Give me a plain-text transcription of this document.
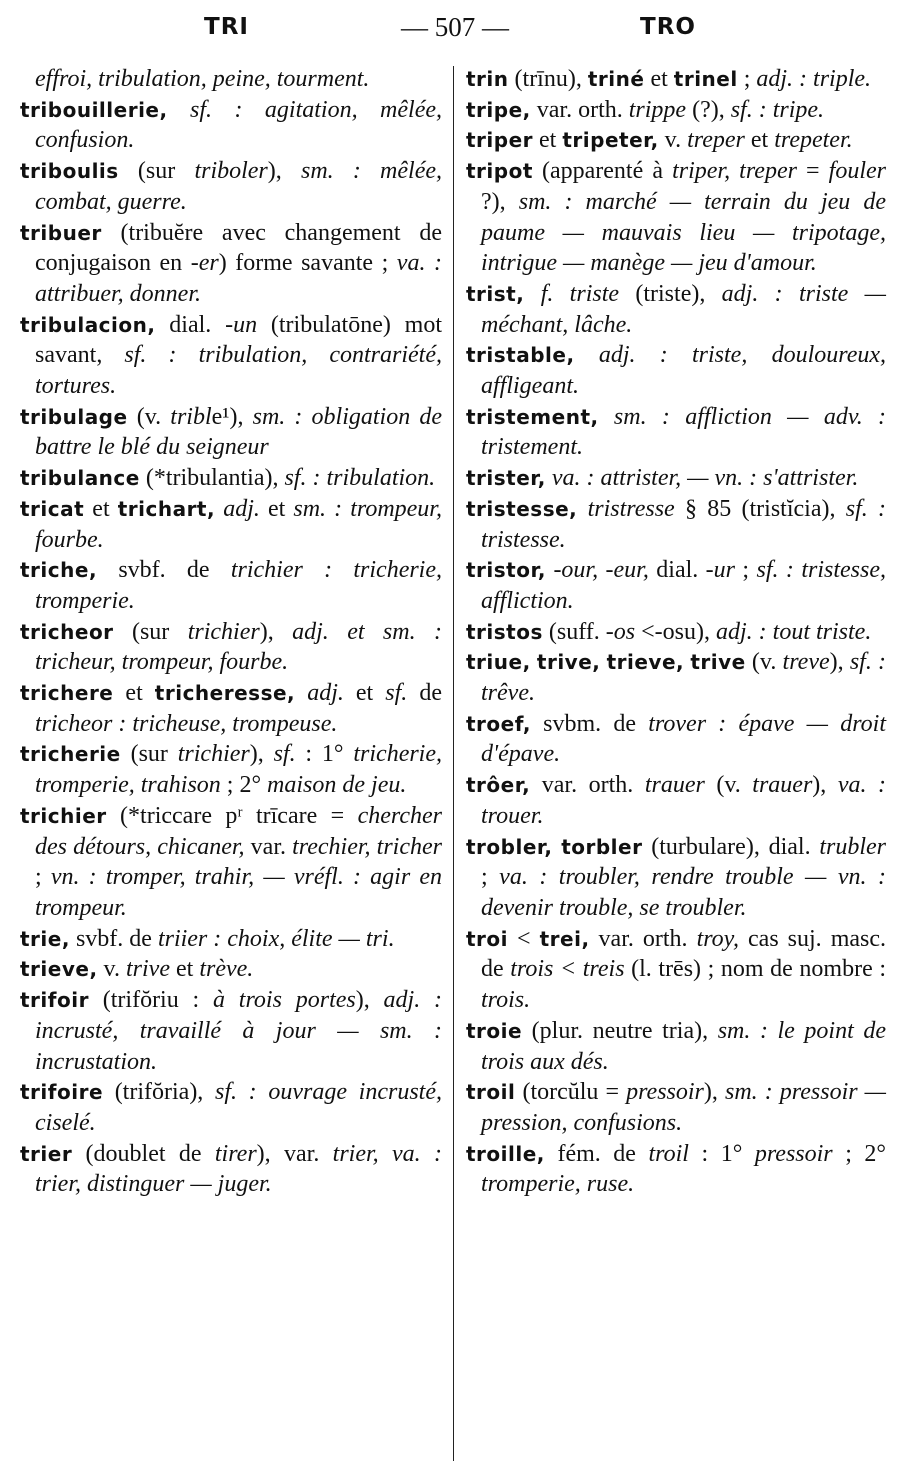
TRI	— 507 —	TRO

effroi, tribulation, peine, tourment.

tribouillerie, sf. : agitation, mêlée, confusion.

triboulis (sur triboler), sm. : mêlée, combat, guerre.

tribuer (tribuĕre avec changement de conjugaison en -er) forme savante ; va. : attribuer, donner.

tribulacion, dial. -un (tribulatōne) mot savant, sf. : tribulation, contrariété, tortures.

tribulage (v. trible¹), sm. : obligation de battre le blé du seigneur

tribulance (*tribulantia), sf. : tribulation.

tricat et trichart, adj. et sm. : trompeur, fourbe.

triche, svbf. de trichier : tricherie, tromperie.

tricheor (sur trichier), adj. et sm. : tricheur, trompeur, fourbe.

trichere et tricheresse, adj. et sf. de tricheor : tricheuse, trompeuse.

tricherie (sur trichier), sf. : 1° tricherie, tromperie, trahison ; 2° maison de jeu.

trichier (*triccare pʳ trīcare = chercher des détours, chicaner, var. trechier, tricher ; vn. : tromper, trahir, — vréfl. : agir en trompeur.

trie, svbf. de triier : choix, élite — tri.

trieve, v. trive et trève.

trifoir (trifŏriu : à trois portes), adj. : incrusté, travaillé à jour — sm. : incrustation.

trifoire (trifŏria), sf. : ouvrage incrusté, ciselé.

trier (doublet de tirer), var. trier, va. : trier, distinguer — juger.

trin (trīnu), triné et trinel ; adj. : triple.

tripe, var. orth. trippe (?), sf. : tripe.

triper et tripeter, v. treper et trepeter.

tripot (apparenté à triper, treper = fouler ?), sm. : marché — terrain du jeu de paume — mauvais lieu — tripotage, intrigue — manège — jeu d'amour.

trist, f. triste (triste), adj. : triste — méchant, lâche.

tristable, adj. : triste, douloureux, affligeant.

tristement, sm. : affliction — adv. : tristement.

trister, va. : attrister, — vn. : s'attrister.

tristesse, tristresse § 85 (tristĭcia), sf. : tristesse.

tristor, -our, -eur, dial. -ur ; sf. : tristesse, affliction.

tristos (suff. -os <-osu), adj. : tout triste.

triue, trive, trieve, trive (v. treve), sf. : trêve.

troef, svbm. de trover : épave — droit d'épave.

trôer, var. orth. trauer (v. trauer), va. : trouer.

trobler, torbler (turbulare), dial. trubler ; va. : troubler, rendre trouble — vn. : devenir trouble, se troubler.

troi < trei, var. orth. troy, cas suj. masc. de trois < treis (l. trēs) ; nom de nombre : trois.

troie (plur. neutre tria), sm. : le point de trois aux dés.

troil (torcŭlu = pressoir), sm. : pressoir — pression, confusions.

troille, fém. de troil : 1° pressoir ; 2° tromperie, ruse.
